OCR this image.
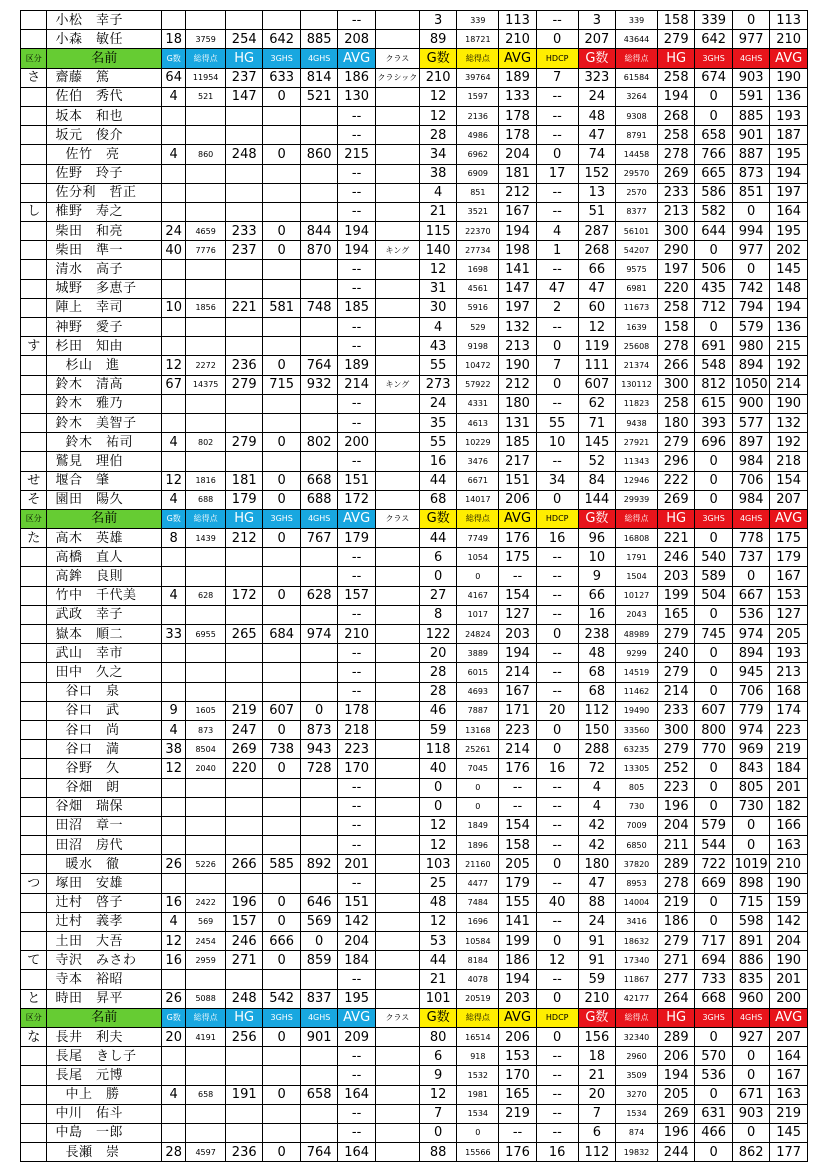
	小松　幸子						--		3	339	113	--	3	339	158	339	0	113
	小森　敏任	18	3759	254	642	885	208		89	18721	210	0	207	43644	279	642	977	210
区分	名前	G数	総得点	HG	3GHS	4GHS	AVG	クラス	G数	総得点	AVG	HDCP	G数	総得点	HG	3GHS	4GHS	AVG
さ	齋藤　篤	64	11954	237	633	814	186	クラシック	210	39764	189	7	323	61584	258	674	903	190
	佐伯　秀代	4	521	147	0	521	130		12	1597	133	--	24	3264	194	0	591	136
	坂本　和也						--		12	2136	178	--	48	9308	268	0	885	193
	坂元　俊介						--		28	4986	178	--	47	8791	258	658	901	187
	佐竹　亮	4	860	248	0	860	215		34	6962	204	0	74	14458	278	766	887	195
	佐野　玲子						--		38	6909	181	17	152	29570	269	665	873	194
	佐分利　哲正						--		4	851	212	--	13	2570	233	586	851	197
し	椎野　寿之						--		21	3521	167	--	51	8377	213	582	0	164
	柴田　和亮	24	4659	233	0	844	194		115	22370	194	4	287	56101	300	644	994	195
	柴田　準一	40	7776	237	0	870	194	キング	140	27734	198	1	268	54207	290	0	977	202
	清水　高子						--		12	1698	141	--	66	9575	197	506	0	145
	城野　多恵子						--		31	4561	147	47	47	6981	220	435	742	148
	陣上　幸司	10	1856	221	581	748	185		30	5916	197	2	60	11673	258	712	794	194
	神野　愛子						--		4	529	132	--	12	1639	158	0	579	136
す	杉田　知由						--		43	9198	213	0	119	25608	278	691	980	215
	杉山　進	12	2272	236	0	764	189		55	10472	190	7	111	21374	266	548	894	192
	鈴木　清高	67	14375	279	715	932	214	キング	273	57922	212	0	607	130112	300	812	1050	214
	鈴木　雅乃						--		24	4331	180	--	62	11823	258	615	900	190
	鈴木　美智子						--		35	4613	131	55	71	9438	180	393	577	132
	鈴木　祐司	4	802	279	0	802	200		55	10229	185	10	145	27921	279	696	897	192
	鷲見　理伯						--		16	3476	217	--	52	11343	296	0	984	218
せ	堰合　肇	12	1816	181	0	668	151		44	6671	151	34	84	12946	222	0	706	154
そ	園田　陽久	4	688	179	0	688	172		68	14017	206	0	144	29939	269	0	984	207
区分	名前	G数	総得点	HG	3GHS	4GHS	AVG	クラス	G数	総得点	AVG	HDCP	G数	総得点	HG	3GHS	4GHS	AVG
た	高木　英雄	8	1439	212	0	767	179		44	7749	176	16	96	16808	221	0	778	175
	高橋　直人						--		6	1054	175	--	10	1791	246	540	737	179
	高鉾　良則						--		0	0	--	--	9	1504	203	589	0	167
	竹中　千代美	4	628	172	0	628	157		27	4167	154	--	66	10127	199	504	667	153
	武政　幸子						--		8	1017	127	--	16	2043	165	0	536	127
	嶽本　順二	33	6955	265	684	974	210		122	24824	203	0	238	48989	279	745	974	205
	武山　幸市						--		20	3889	194	--	48	9299	240	0	894	193
	田中　久之						--		28	6015	214	--	68	14519	279	0	945	213
	谷口　泉						--		28	4693	167	--	68	11462	214	0	706	168
	谷口　武	9	1605	219	607	0	178		46	7887	171	20	112	19490	233	607	779	174
	谷口　尚	4	873	247	0	873	218		59	13168	223	0	150	33560	300	800	974	223
	谷口　満	38	8504	269	738	943	223		118	25261	214	0	288	63235	279	770	969	219
	谷野　久	12	2040	220	0	728	170		40	7045	176	16	72	13305	252	0	843	184
	谷畑　朗						--		0	0	--	--	4	805	223	0	805	201
	谷畑　瑞保						--		0	0	--	--	4	730	196	0	730	182
	田沼　章一						--		12	1849	154	--	42	7009	204	579	0	166
	田沼　房代						--		12	1896	158	--	42	6850	211	544	0	163
	暖水　徹	26	5226	266	585	892	201		103	21160	205	0	180	37820	289	722	1019	210
つ	塚田　安雄						--		25	4477	179	--	47	8953	278	669	898	190
	辻村　啓子	16	2422	196	0	646	151		48	7484	155	40	88	14004	219	0	715	159
	辻村　義孝	4	569	157	0	569	142		12	1696	141	--	24	3416	186	0	598	142
	土田　大吾	12	2454	246	666	0	204		53	10584	199	0	91	18632	279	717	891	204
て	寺沢　みさわ	16	2959	271	0	859	184		44	8184	186	12	91	17340	271	694	886	190
	寺本　裕昭						--		21	4078	194	--	59	11867	277	733	835	201
と	時田　昇平	26	5088	248	542	837	195		101	20519	203	0	210	42177	264	668	960	200
区分	名前	G数	総得点	HG	3GHS	4GHS	AVG	クラス	G数	総得点	AVG	HDCP	G数	総得点	HG	3GHS	4GHS	AVG
な	長井　利夫	20	4191	256	0	901	209		80	16514	206	0	156	32340	289	0	927	207
	長尾　きし子						--		6	918	153	--	18	2960	206	570	0	164
	長尾　元博						--		9	1532	170	--	21	3509	194	536	0	167
	中上　勝	4	658	191	0	658	164		12	1981	165	--	20	3270	205	0	671	163
	中川　佑斗						--		7	1534	219	--	7	1534	269	631	903	219
	中島　一郎						--		0	0	--	--	6	874	196	466	0	145
	長瀬　崇	28	4597	236	0	764	164		88	15566	176	16	112	19832	244	0	862	177
